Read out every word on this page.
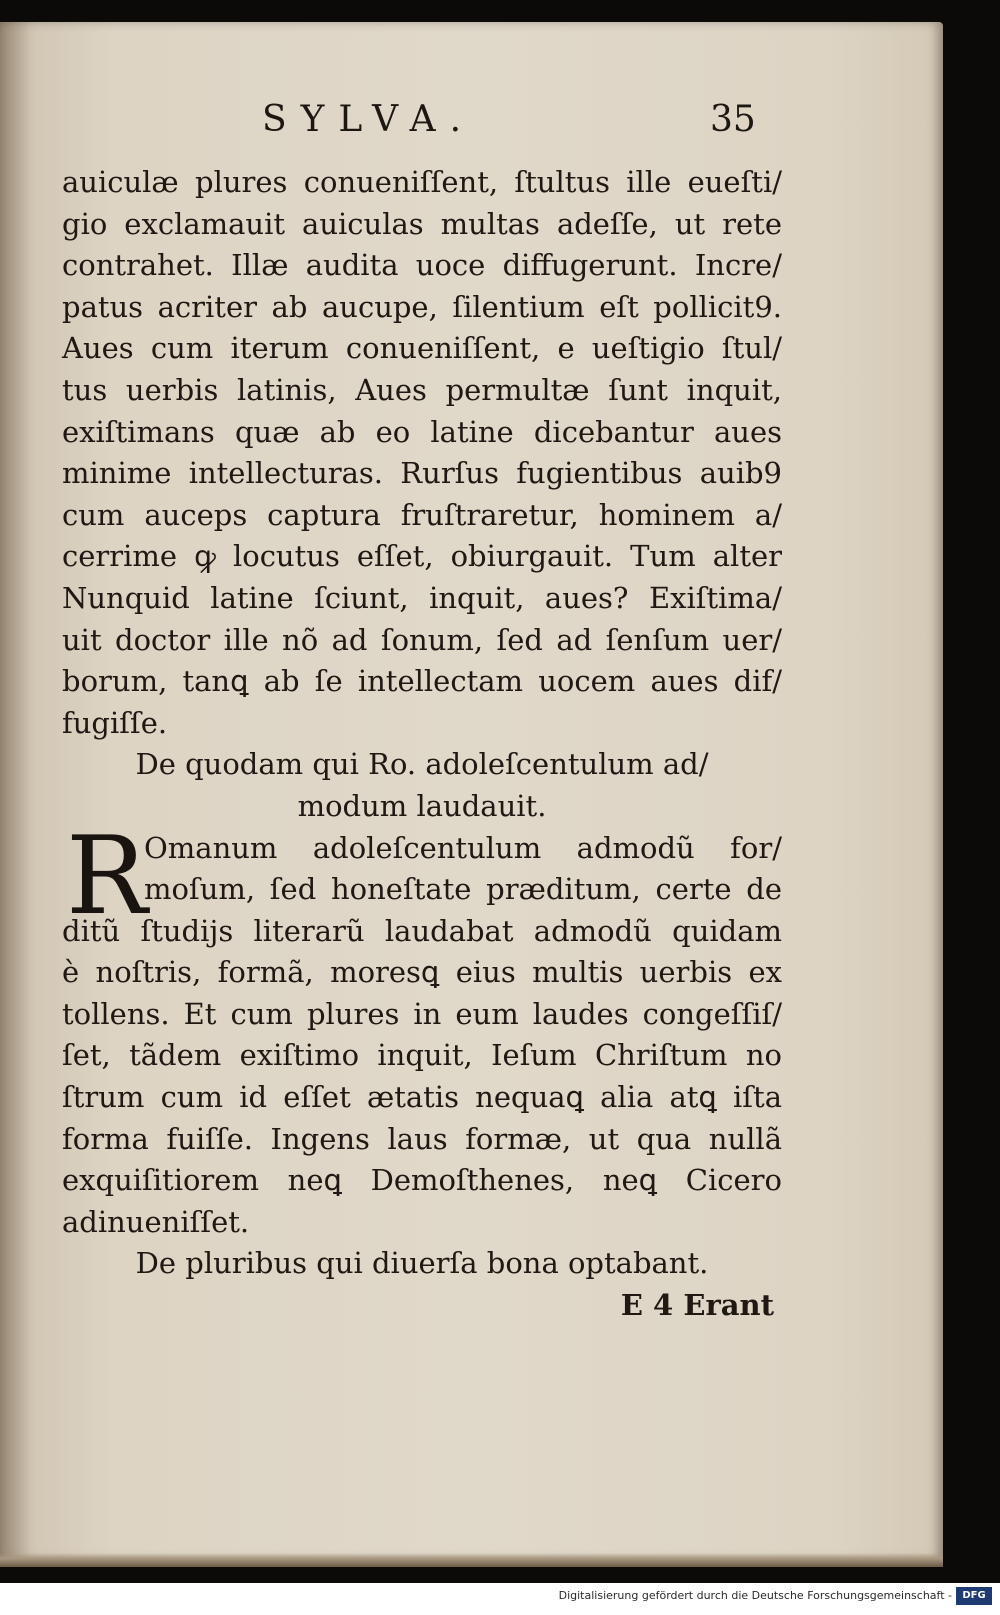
SYLVA.	35
auiculæ plures conueniſſent, ſtultus ille eueſti/
gio exclamauit auiculas multas adeſſe, ut rete
contrahet. Illæ audita uoce diffugerunt. Incre/
patus acriter ab aucupe, ſilentium eſt pollicit9.
Aues cum iterum conueniſſent, e ueſtigio ſtul/
tus uerbis latinis, Aues permultæ ſunt inquit,
exiſtimans quæ ab eo latine dicebantur aues
minime intellecturas. Rurſus fugientibus auib9
cum auceps captura fruſtraretur, hominem a/
cerrime ꝙ locutus eſſet, obiurgauit. Tum alter
Nunquid latine ſciunt, inquit, aues? Exiſtima/
uit doctor ille nõ ad ſonum, ſed ad ſenſum uer/
borum, tanꝗ ab ſe intellectam uocem aues dif/
fugiſſe.
De quodam qui Ro. adoleſcentulum ad/
modum laudauit.
R
Omanum adoleſcentulum admodũ for/
moſum, ſed honeſtate præditum, certe de
ditũ ſtudijs literarũ laudabat admodũ quidam
è noſtris, formã, moresꝗ eius multis uerbis ex
tollens. Et cum plures in eum laudes congeſſiſ/
ſet, tãdem exiſtimo inquit, Ieſum Chriſtum no
ſtrum cum id eſſet ætatis nequaꝗ alia atꝗ iſta
forma fuiſſe. Ingens laus formæ, ut qua nullã
exquiſitiorem neꝗ Demoſthenes, neꝗ Cicero
adinueniſſet.
De pluribus qui diuerſa bona optabant.
E 4 Erant
Digitalisierung gefördert durch die Deutsche Forschungsgemeinschaft -	DFG
